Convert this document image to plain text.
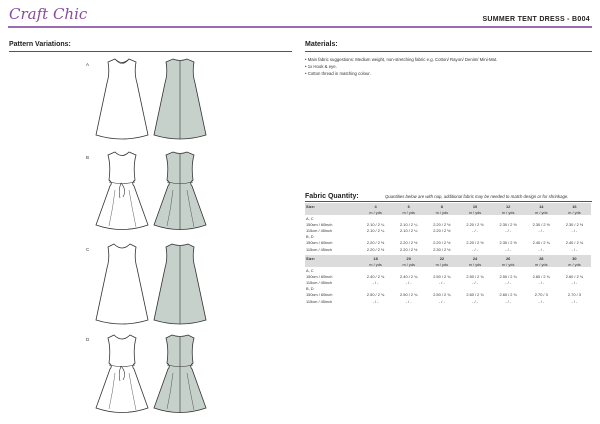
Craft Chic	SUMMER TENT DRESS - B004
Pattern Variations:
A
B
C
D
Materials:
• Main fabric suggestions: Medium weight, non-stretching fabric e.g. Cotton/ Rayon/ Denim/ Mini-Mat.
• 1x Hook & eye.
• Cotton thread in matching colour.
Fabric Quantity:	Quantities below are with nap, additional fabric may be needed to match design or for shrinkage.
Size:	4	6	8	10	12	14	16
	m / yds	m / yds	m / yds	m / yds	m / yds	m / yds	m / yds
A, C							
150cm / 60inch	2.10 / 2 ¼	2.10 / 2 ¼	2.20 / 2 ½	2.20 / 2 ½	2.30 / 2 ½	2.30 / 2 ½	2.30 / 2 ½
115cm / 45inch	2.10 / 2 ¼	2.10 / 2 ¼	2.20 / 2 ½	- / -	- / -	- / -	- / -
B, D							
150cm / 60inch	2.20 / 2 ½	2.20 / 2 ½	2.20 / 2 ½	2.20 / 2 ½	2.30 / 2 ½	2.40 / 2 ¾	2.40 / 2 ¾
115cm / 45inch	2.20 / 2 ½	2.20 / 2 ½	2.30 / 2 ½	- / -	- / -	- / -	- / -

Size:	18	20	22	24	26	28	30
	m / yds	m / yds	m / yds	m / yds	m / yds	m / yds	m / yds
A, C							
150cm / 60inch	2.40 / 2 ¾	2.40 / 2 ¾	2.50 / 2 ¾	2.50 / 2 ¾	2.50 / 2 ¾	2.60 / 2 ¾	2.60 / 2 ¾
115cm / 45inch	- / -	- / -	- / -	- / -	- / -	- / -	- / -
B, D							
150cm / 60inch	2.50 / 2 ¾	2.50 / 2 ¾	2.50 / 2 ¾	2.60 / 2 ¾	2.60 / 2 ¾	2.70 / 3	2.70 / 3
115cm / 45inch	- / -	- / -	- / -	- / -	- / -	- / -	- / -
